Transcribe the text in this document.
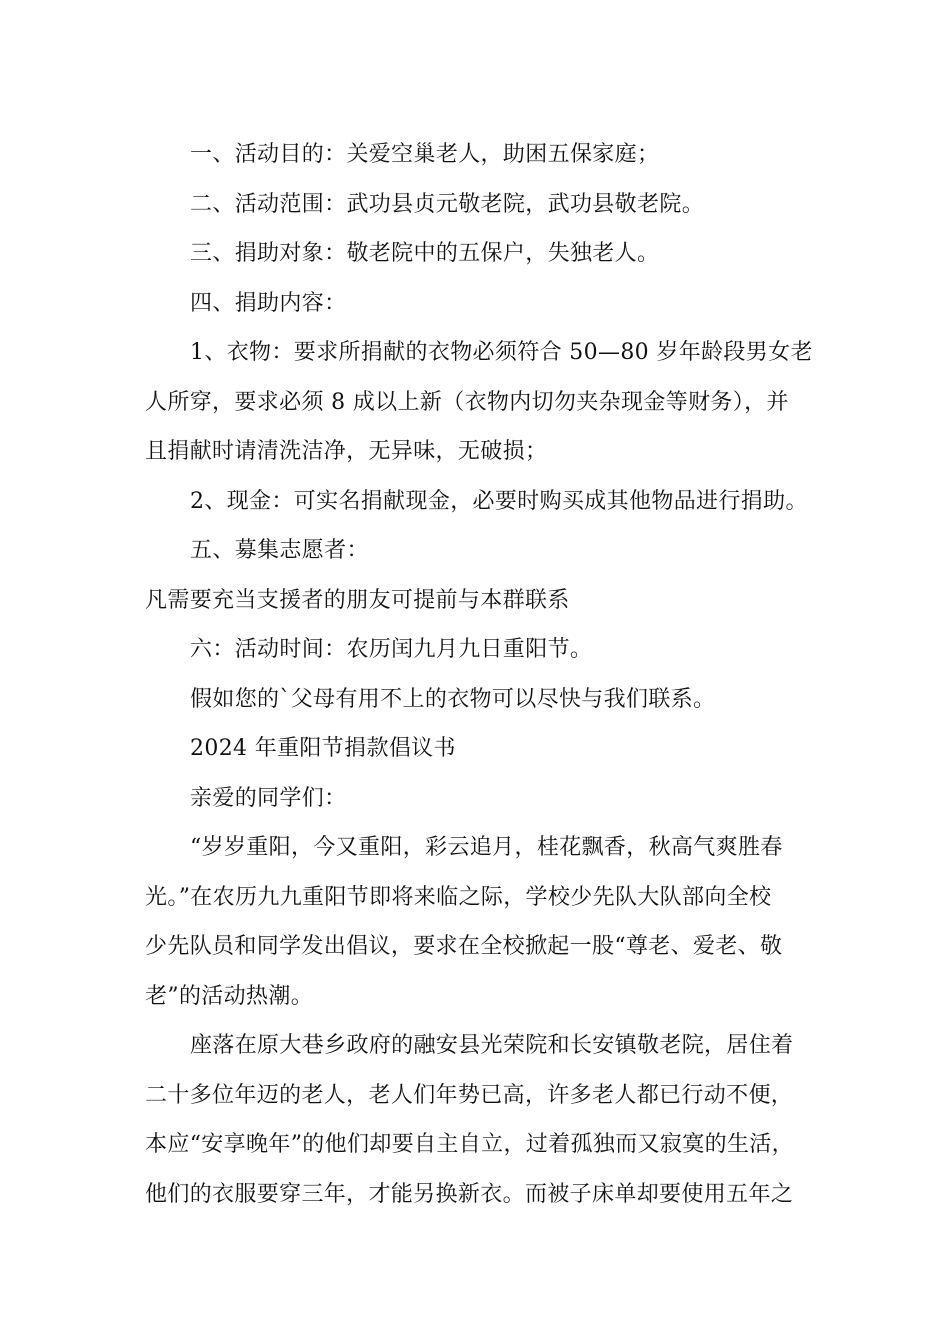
一、活动目的：关爱空巢老人，助困五保家庭；

二、活动范围：武功县贞元敬老院，武功县敬老院。

三、捐助对象：敬老院中的五保户，失独老人。

四、捐助内容：

1、衣物：要求所捐献的衣物必须符合 50—80 岁年龄段男女老

人所穿，要求必须 8 成以上新（衣物内切勿夹杂现金等财务），并

且捐献时请清洗洁净，无异味，无破损；

2、现金：可实名捐献现金，必要时购买成其他物品进行捐助。

五、募集志愿者：

凡需要充当支援者的朋友可提前与本群联系

六：活动时间：农历闰九月九日重阳节。

假如您的`父母有用不上的衣物可以尽快与我们联系。

2024 年重阳节捐款倡议书

亲爱的同学们：

“岁岁重阳，今又重阳，彩云追月，桂花飘香，秋高气爽胜春

光。”在农历九九重阳节即将来临之际，学校少先队大队部向全校

少先队员和同学发出倡议，要求在全校掀起一股“尊老、爱老、敬

老”的活动热潮。

座落在原大巷乡政府的融安县光荣院和长安镇敬老院，居住着

二十多位年迈的老人，老人们年势已高，许多老人都已行动不便，

本应“安享晚年”的他们却要自主自立，过着孤独而又寂寞的生活，

他们的衣服要穿三年，才能另换新衣。而被子床单却要使用五年之
